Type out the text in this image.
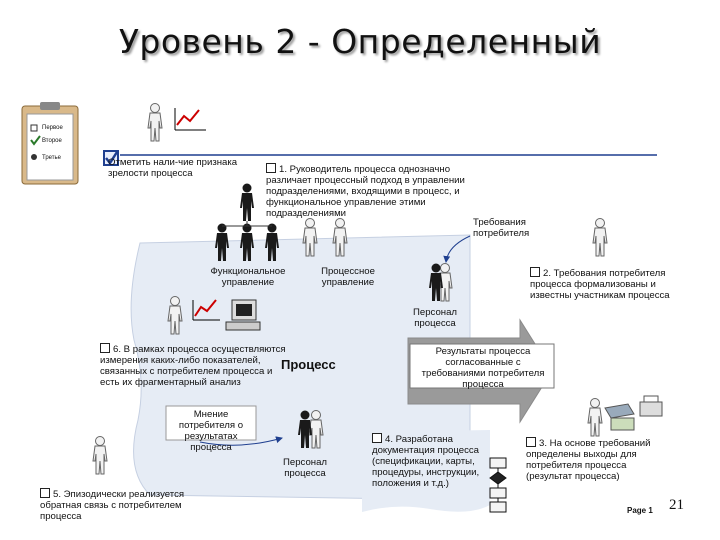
Уровень 2 - Определенный
Первое
Второе
Третье	Отметить нали-чие признака зрелости процесса	1. Руководитель процесса однозначно различает процессный подход в управлении подразделениями, входящими в процесс, и функциональное управление этими подразделениями
Требования потребителя
Функциональное управление
Процессное управление
2. Требования потребителя процесса формализованы и известны участникам процесса
Персонал процесса
6. В рамках процесса осуществляются измерения каких-либо показателей, связанных с потребителем процесса и есть их фрагментарный анализ
Процесс
Результаты процесса согласованные с требованиями потребителя процесса
Мнение потребителя о результатах процесса
4. Разработана документация процесса (спецификации, карты, процедуры, инструкции, положения и т.д.)
3. На основе требований определены выходы для потребителя процесса (результат процесса)
Персонал процесса
5. Эпизодически реализуется обратная связь с потребителем процесса
Page 1 21
